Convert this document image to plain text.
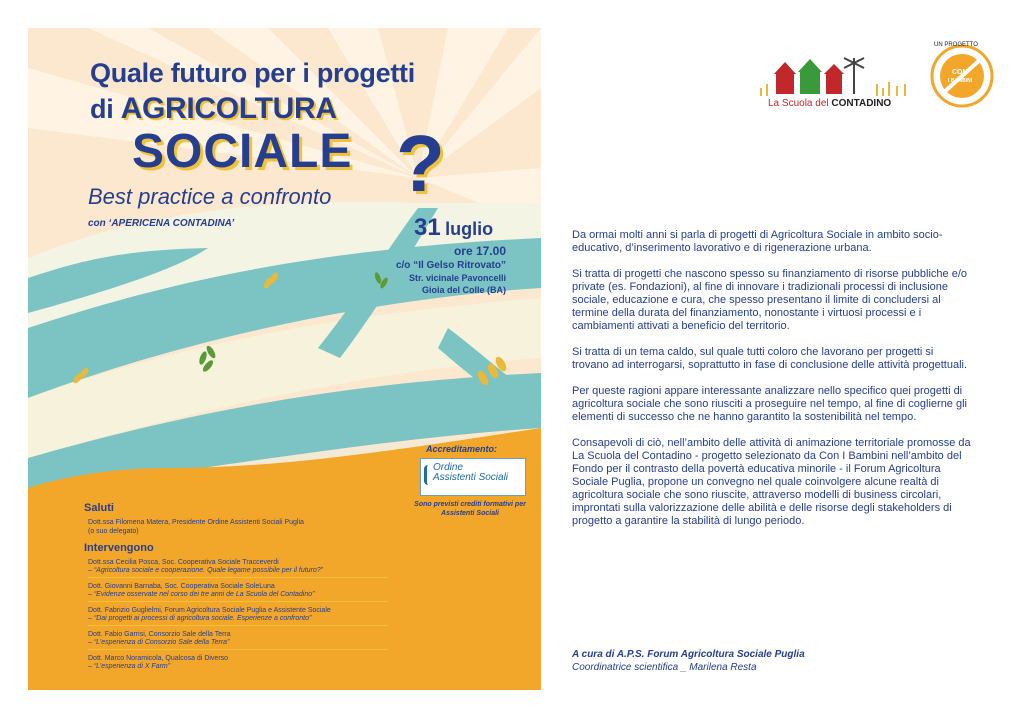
Quale futuro per i progetti
di AGRICOLTURA
SOCIALE ?
Best practice a confronto
con ‘APERICENA CONTADINA’	31 luglio
ore 17.00
c/o “Il Gelso Ritrovato”
Str. vicinale Pavoncelli
Gioia del Colle (BA)
Accreditamento:
Ordine
Assistenti Sociali
Sono previsti crediti formativi per Assistenti Sociali
Saluti
Dott.ssa Filomena Matera, Presidente Ordine Assistenti Sociali Puglia
(o suo delegato)
Intervengono
Dott.ssa Cecilia Posca, Soc. Cooperativa Sociale Tracceverdi
– “Agricoltura sociale e cooperazione. Quale legame possibile per il futuro?”
Dott. Giovanni Barnaba, Soc. Cooperativa Sociale SoleLuna
– “Evidenze osservate nel corso dei tre anni de La Scuola del Contadino”
Dott. Fabrizio Guglielmi, Forum Agricoltura Sociale Puglia e Assistente Sociale
– “Dai progetti ai processi di agricoltura sociale. Esperienze a confronto”
Dott. Fabio Garrisi, Consorzio Sale della Terra
– “L’esperienza di Consorzio Sale della Terra”
Dott. Marco Noramicola, Qualcosa di Diverso
– “L’esperienza di X Farm”
La Scuola del CONTADINO
UN PROGETTO
CON
I BAMBINI

Da ormai molti anni si parla di progetti di Agricoltura Sociale in ambito socio-educativo, d’inserimento lavorativo e di rigenerazione urbana.

Si tratta di progetti che nascono spesso su finanziamento di risorse pubbliche e/o private (es. Fondazioni), al fine di innovare i tradizionali processi di inclusione sociale, educazione e cura, che spesso presentano il limite di concludersi al termine della durata del finanziamento, nonostante i virtuosi processi e i cambiamenti attivati a beneficio del territorio.

Si tratta di un tema caldo, sul quale tutti coloro che lavorano per progetti si trovano ad interrogarsi, soprattutto in fase di conclusione delle attività progettuali.

Per queste ragioni appare interessante analizzare nello specifico quei progetti di agricoltura sociale che sono riusciti a proseguire nel tempo, al fine di coglierne gli elementi di successo che ne hanno garantito la sostenibilità nel tempo.

Consapevoli di ciò, nell’ambito delle attività di animazione territoriale promosse da La Scuola del Contadino - progetto selezionato da Con I Bambini nell’ambito del Fondo per il contrasto della povertà educativa minorile - il Forum Agricoltura Sociale Puglia, propone un convegno nel quale coinvolgere alcune realtà di agricoltura sociale che sono riuscite, attraverso modelli di business circolari, improntati sulla valorizzazione delle abilità e delle risorse degli stakeholders di progetto a garantire la stabilità di lungo periodo.

A cura di A.P.S. Forum Agricoltura Sociale Puglia
Coordinatrice scientifica _ Marilena Resta
